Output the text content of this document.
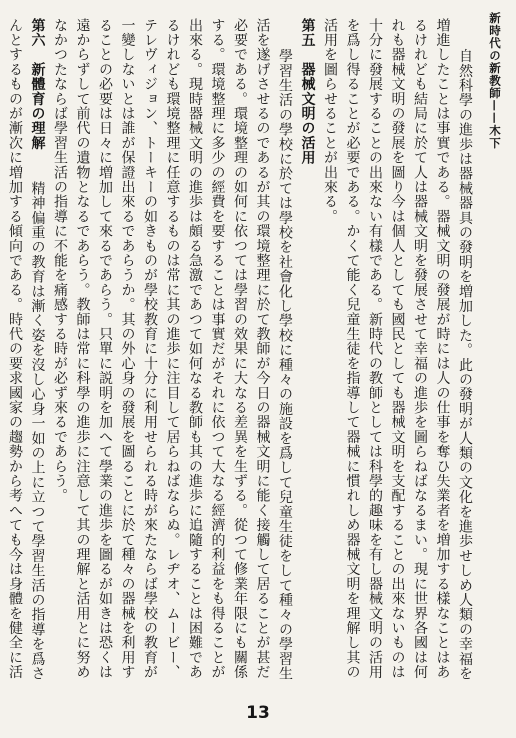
新時代の新教師——木下
自然科學の進歩は器械器具の發明を増加した。此の發明が人類の文化を進歩せしめ人類の幸福を増進したことは事實である。器械文明の發展が時には人の仕事を奪ひ失業者を増加する樣なことはあるけれども結局に於て人は器械文明を發展させて幸福の進歩を圖らねばなるまい。現に世界各國は何れも器械文明の發展を圖り今は個人としても國民としても器械文明を支配することの出來ないものは十分に發展することの出來ない有樣である。新時代の教師としては科學的趣味を有し器械文明の活用を爲し得ることが必要である。かくて能く兒童生徒を指導して器械に慣れしめ器械文明を理解し其の活用を圖らせることが出來る。
第五　器械文明の活用
學習生活の學校に於ては學校を社會化し學校に種々の施設を爲して兒童生徒をして種々の學習生活を遂げさせるのであるが其の環境整理に於て教師が今日の器械文明に能く接觸して居ることが甚だ必要である。環境整理の如何に依つては學習の效果に大なる差異を生ずる。從つて修業年限にも關係する。環境整理に多少の經費を要することは事實だがそれに依つて大なる經濟的利益をも得ることが出來る。現時器械文明の進歩は頗る急激であつて如何なる教師も其の進歩に追隨することは困難であるけれども環境整理に任意するものは常に其の進歩に注目して居らねばならぬ。レヂオ、ムービー、テレヴィジョン、トーキーの如きものが學校教育に十分に利用せられる時が來たならば學校の教育が一變しないとは誰が保證出來るであらうか。其の外心身の發展を圖ることに於て種々の器械を利用することの必要は日々に増加して來るであらう。只單に説明を加へて學業の進歩を圖るが如きは恐くは遠からずして前代の遺物となるであらう。教師は常に科學の進歩に注意して其の理解と活用とに努めなかつたならば學習生活の指導に不能を痛感する時が必ず來るであらう。
第六　新體育の理解精神偏重の教育は漸く姿を沒し心身一如の上に立つて學習生活の指導を爲さんとするものが漸次に増加する傾向である。時代の要求國家の趨勢から考へても今は身體を健全に活
13
